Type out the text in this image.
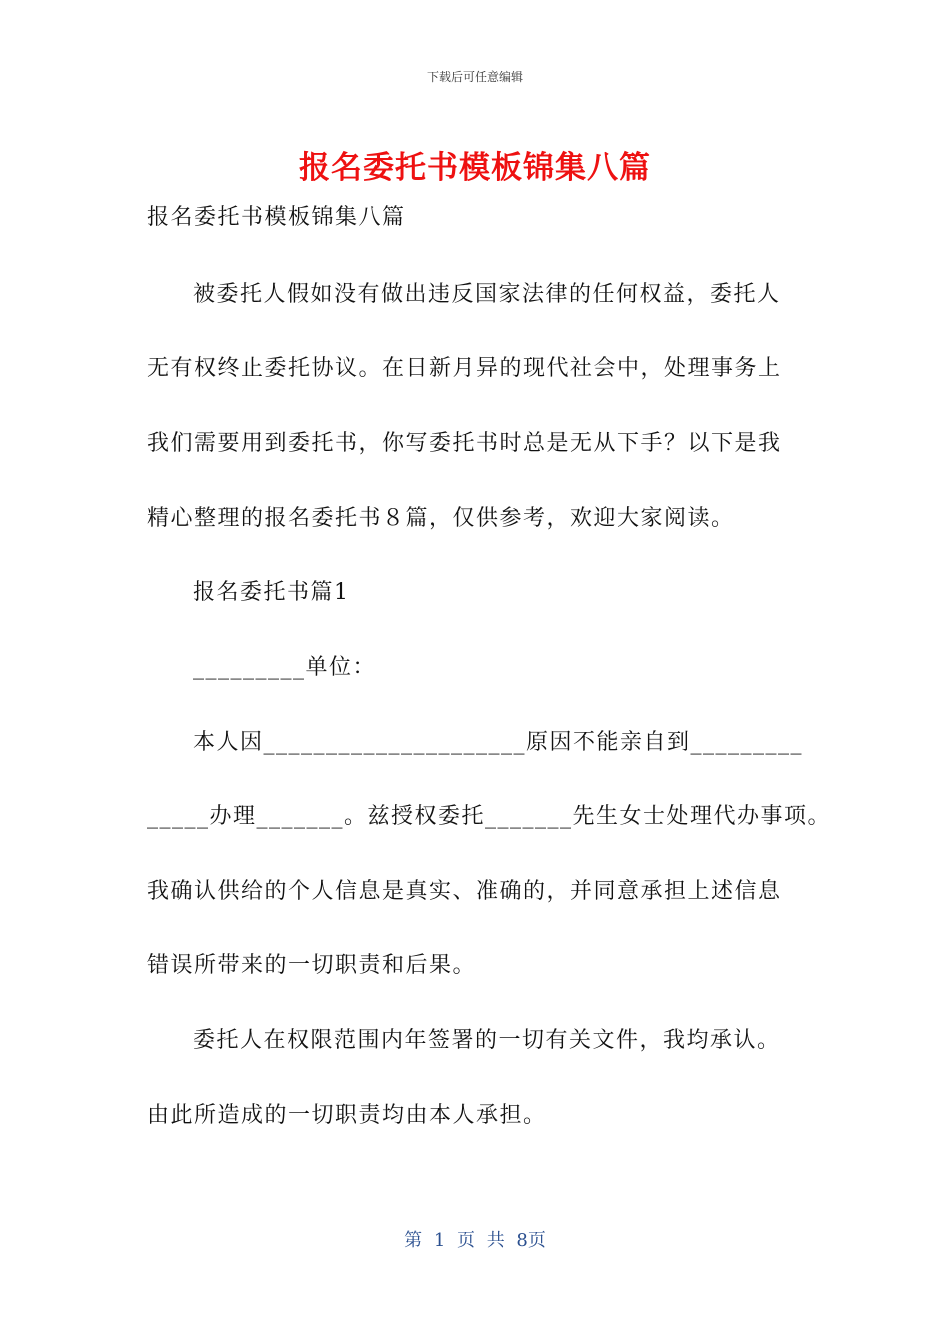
下载后可任意编辑
报名委托书模板锦集八篇
报名委托书模板锦集八篇
被委托人假如没有做出违反国家法律的任何权益，委托人
无有权终止委托协议。在日新月异的现代社会中，处理事务上
我们需要用到委托书，你写委托书时总是无从下手？以下是我
精心整理的报名委托书８篇，仅供参考，欢迎大家阅读。
报名委托书篇1
_________单位：
本人因_____________________原因不能亲自到_________
_____办理_______。兹授权委托_______先生女士处理代办事项。
我确认供给的个人信息是真实、准确的，并同意承担上述信息
错误所带来的一切职责和后果。
委托人在权限范围内年签署的一切有关文件，我均承认。
由此所造成的一切职责均由本人承担。
第 1 页 共 8页
